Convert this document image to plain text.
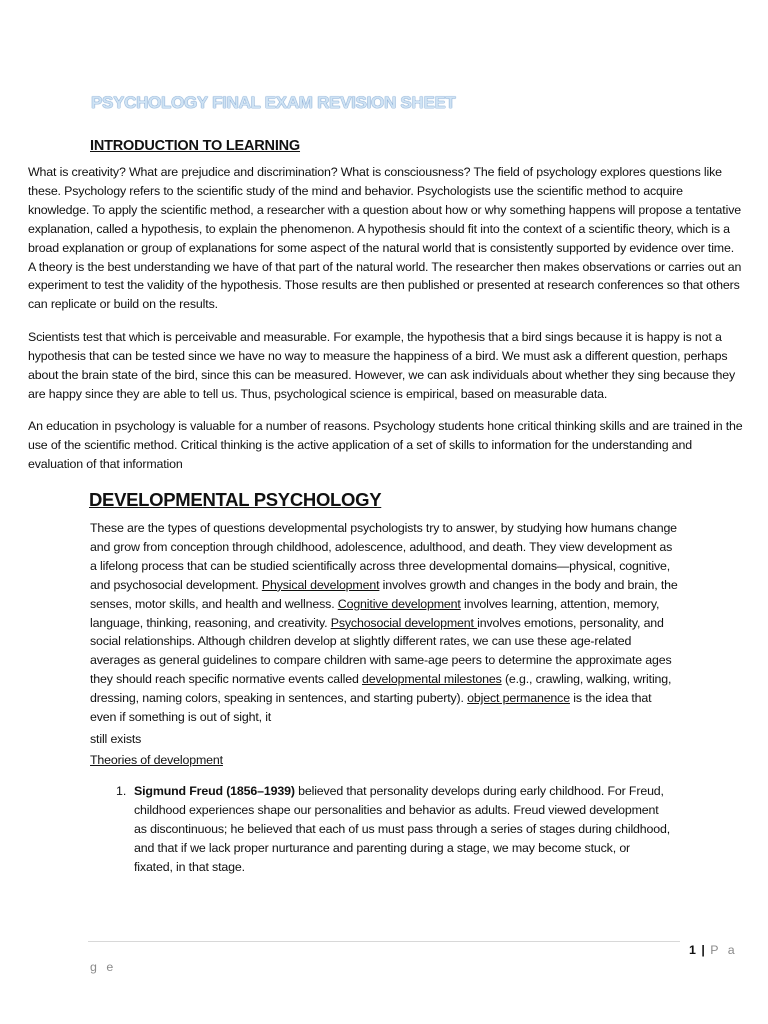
PSYCHOLOGY FINAL EXAM REVISION SHEET
INTRODUCTION TO LEARNING

What is creativity? What are prejudice and discrimination? What is consciousness? The field of psychology explores questions like these. Psychology refers to the scientific study of the mind and behavior. Psychologists use the scientific method to acquire knowledge. To apply the scientific method, a researcher with a question about how or why something happens will propose a tentative explanation, called a hypothesis, to explain the phenomenon. A hypothesis should fit into the context of a scientific theory, which is a broad explanation or group of explanations for some aspect of the natural world that is consistently supported by evidence over time. A theory is the best understanding we have of that part of the natural world. The researcher then makes observations or carries out an experiment to test the validity of the hypothesis. Those results are then published or presented at research conferences so that others can replicate or build on the results.

Scientists test that which is perceivable and measurable. For example, the hypothesis that a bird sings because it is happy is not a hypothesis that can be tested since we have no way to measure the happiness of a bird. We must ask a different question, perhaps about the brain state of the bird, since this can be measured. However, we can ask individuals about whether they sing because they are happy since they are able to tell us. Thus, psychological science is empirical, based on measurable data.

An education in psychology is valuable for a number of reasons. Psychology students hone critical thinking skills and are trained in the use of the scientific method. Critical thinking is the active application of a set of skills to information for the understanding and evaluation of that information

DEVELOPMENTAL PSYCHOLOGY

These are the types of questions developmental psychologists try to answer, by studying how humans change and grow from conception through childhood, adolescence, adulthood, and death. They view development as a lifelong process that can be studied scientifically across three developmental domains—physical, cognitive, and psychosocial development. Physical development involves growth and changes in the body and brain, the senses, motor skills, and health and wellness. Cognitive development involves learning, attention, memory, language, thinking, reasoning, and creativity. Psychosocial development involves emotions, personality, and social relationships. Although children develop at slightly different rates, we can use these age-related averages as general guidelines to compare children with same-age peers to determine the approximate ages they should reach specific normative events called developmental milestones (e.g., crawling, walking, writing, dressing, naming colors, speaking in sentences, and starting puberty). object permanence is the idea that even if something is out of sight, it

still exists

Theories of development

1. Sigmund Freud (1856–1939) believed that personality develops during early childhood. For Freud, childhood experiences shape our personalities and behavior as adults. Freud viewed development as discontinuous; he believed that each of us must pass through a series of stages during childhood, and that if we lack proper nurturance and parenting during a stage, we may become stuck, or fixated, in that stage.

1 | P a
g e
